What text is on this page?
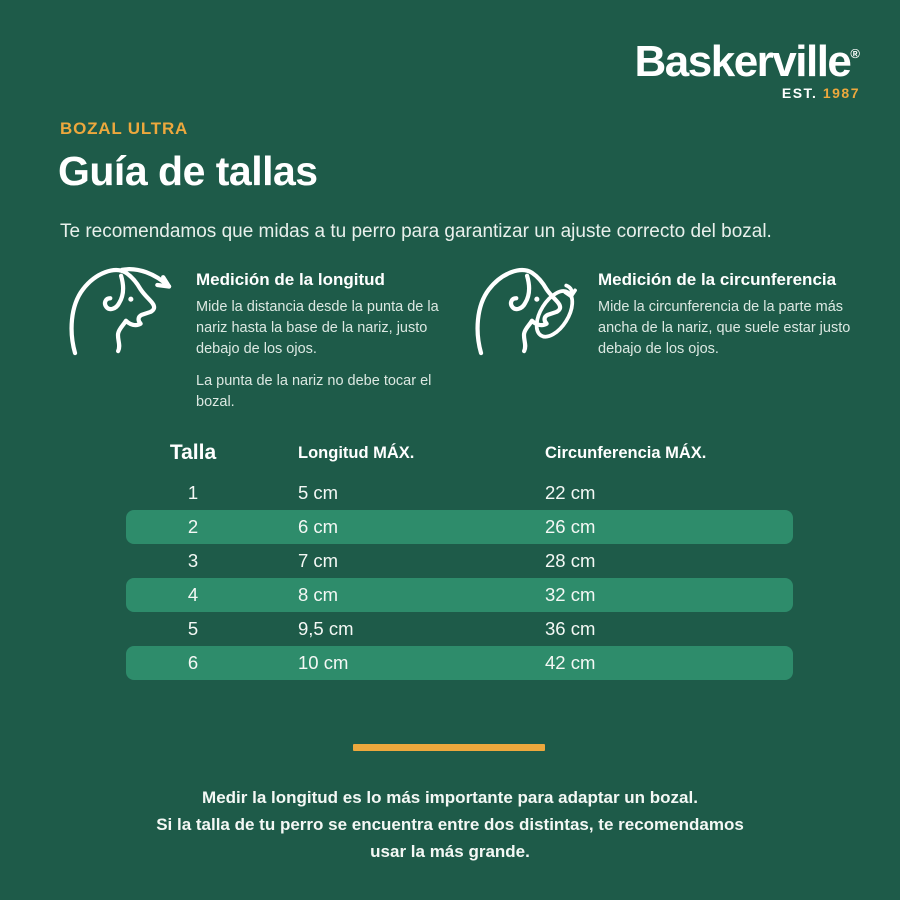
Baskerville®
EST. 1987
BOZAL ULTRA
Guía de tallas
Te recomendamos que midas a tu perro para garantizar un ajuste correcto del bozal.
Medición de la longitud

Mide la distancia desde la punta de la nariz hasta la base de la nariz, justo debajo de los ojos.

La punta de la nariz no debe tocar el bozal.

Medición de la circunferencia

Mide la circunferencia de la parte más ancha de la nariz, que suele estar justo debajo de los ojos.

Talla	Longitud MÁX.	Circunferencia MÁX.
1	5 cm	22 cm
2	6 cm	26 cm
3	7 cm	28 cm
4	8 cm	32 cm
5	9,5 cm	36 cm
6	10 cm	42 cm
Medir la longitud es lo más importante para adaptar un bozal.
Si la talla de tu perro se encuentra entre dos distintas, te recomendamos
usar la más grande.
